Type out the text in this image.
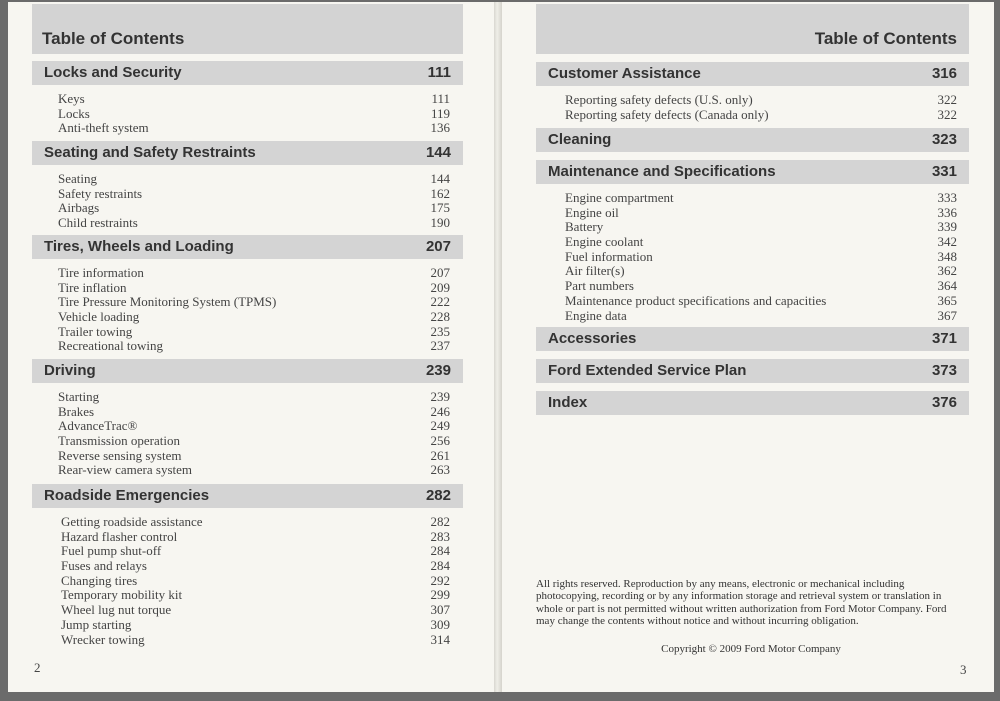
Table of Contents	Table of Contents
Locks and Security	111
Keys	111
Locks	119
Anti-theft system	136
Seating and Safety Restraints	144
Seating	144
Safety restraints	162
Airbags	175
Child restraints	190
Tires, Wheels and Loading	207
Tire information	207
Tire inflation	209
Tire Pressure Monitoring System (TPMS)	222
Vehicle loading	228
Trailer towing	235
Recreational towing	237
Driving	239
Starting	239
Brakes	246
AdvanceTrac®	249
Transmission operation	256
Reverse sensing system	261
Rear-view camera system	263
Roadside Emergencies	282
Getting roadside assistance	282
Hazard flasher control	283
Fuel pump shut-off	284
Fuses and relays	284
Changing tires	292
Temporary mobility kit	299
Wheel lug nut torque	307
Jump starting	309
Wrecker towing	314
2
Customer Assistance	316
Reporting safety defects (U.S. only)	322
Reporting safety defects (Canada only)	322
Cleaning	323
Maintenance and Specifications	331
Engine compartment	333
Engine oil	336
Battery	339
Engine coolant	342
Fuel information	348
Air filter(s)	362
Part numbers	364
Maintenance product specifications and capacities	365
Engine data	367
Accessories	371
Ford Extended Service Plan	373
Index	376
All rights reserved. Reproduction by any means, electronic or mechanical including photocopying, recording or by any information storage and retrieval system or translation in whole or part is not permitted without written authorization from Ford Motor Company. Ford may change the contents without notice and without incurring obligation.
Copyright © 2009 Ford Motor Company
3
